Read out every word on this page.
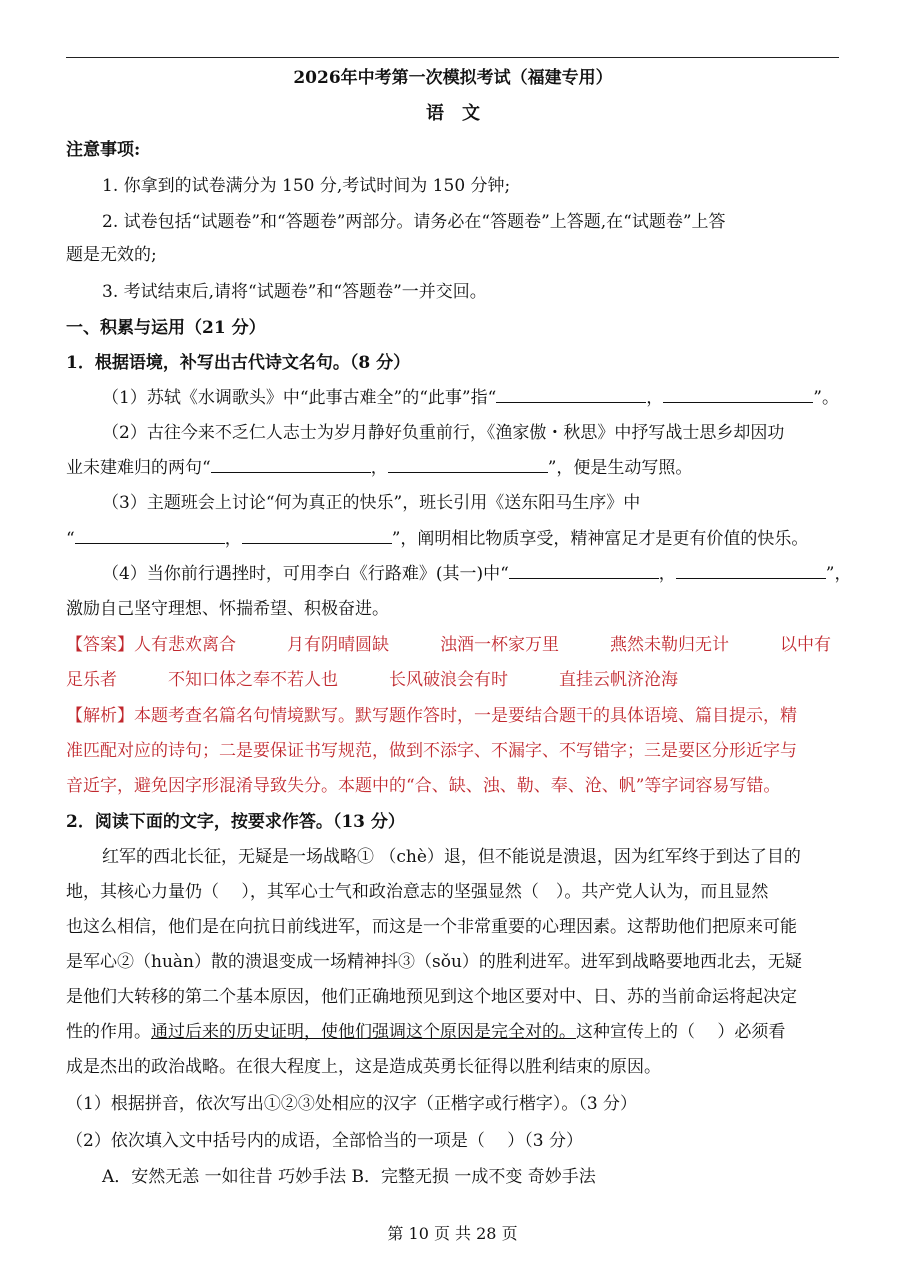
2026年中考第一次模拟考试（福建专用）
语　文
注意事项:
1. 你拿到的试卷满分为 150 分,考试时间为 150 分钟;
2. 试卷包括“试题卷”和“答题卷”两部分。请务必在“答题卷”上答题,在“试题卷”上答
题是无效的;
3. 考试结束后,请将“试题卷”和“答题卷”一并交回。
一、积累与运用（21 分）
1．根据语境，补写出古代诗文名句。（8 分）
（1）苏轼《水调歌头》中“此事古难全”的“此事”指“	，	”。
（2）古往今来不乏仁人志士为岁月静好负重前行，《渔家傲・秋思》中抒写战士思乡却因功
业未建难归的两句“	，	”，便是生动写照。
（3）主题班会上讨论“何为真正的快乐”，班长引用《送东阳马生序》中
“	，	”，阐明相比物质享受，精神富足才是更有价值的快乐。
（4）当你前行遇挫时，可用李白《行路难》(其一)中“	，	”，
激励自己坚守理想、怀揣希望、积极奋进。
【答案】人有悲欢离合　　　月有阴晴圆缺　　　浊酒一杯家万里　　　燕然未勒归无计　　　以中有
足乐者　　　不知口体之奉不若人也　　　长风破浪会有时　　　直挂云帆济沧海
【解析】本题考查名篇名句情境默写。默写题作答时，一是要结合题干的具体语境、篇目提示，精
准匹配对应的诗句；二是要保证书写规范，做到不添字、不漏字、不写错字；三是要区分形近字与
音近字，避免因字形混淆导致失分。本题中的“合、缺、浊、勒、奉、沧、帆”等字词容易写错。
2．阅读下面的文字，按要求作答。（13 分）
红军的西北长征，无疑是一场战略① （chè）退，但不能说是溃退，因为红军终于到达了目的
地，其核心力量仍（　 ），其军心士气和政治意志的坚强显然（　）。共产党人认为，而且显然
也这么相信，他们是在向抗日前线进军，而这是一个非常重要的心理因素。这帮助他们把原来可能
是军心②（huàn）散的溃退变成一场精神抖③（sǒu）的胜利进军。进军到战略要地西北去，无疑
是他们大转移的第二个基本原因，他们正确地预见到这个地区要对中、日、苏的当前命运将起决定
性的作用。通过后来的历史证明，使他们强调这个原因是完全对的。这种宣传上的（　 ）必须看
成是杰出的政治战略。在很大程度上，这是造成英勇长征得以胜利结束的原因。
（1）根据拼音，依次写出①②③处相应的汉字（正楷字或行楷字）。（3 分）
（2）依次填入文中括号内的成语，全部恰当的一项是（　 ）（3 分）
A．安然无恙 一如往昔 巧妙手法 B．完整无损 一成不变 奇妙手法
第 10 页 共 28 页
